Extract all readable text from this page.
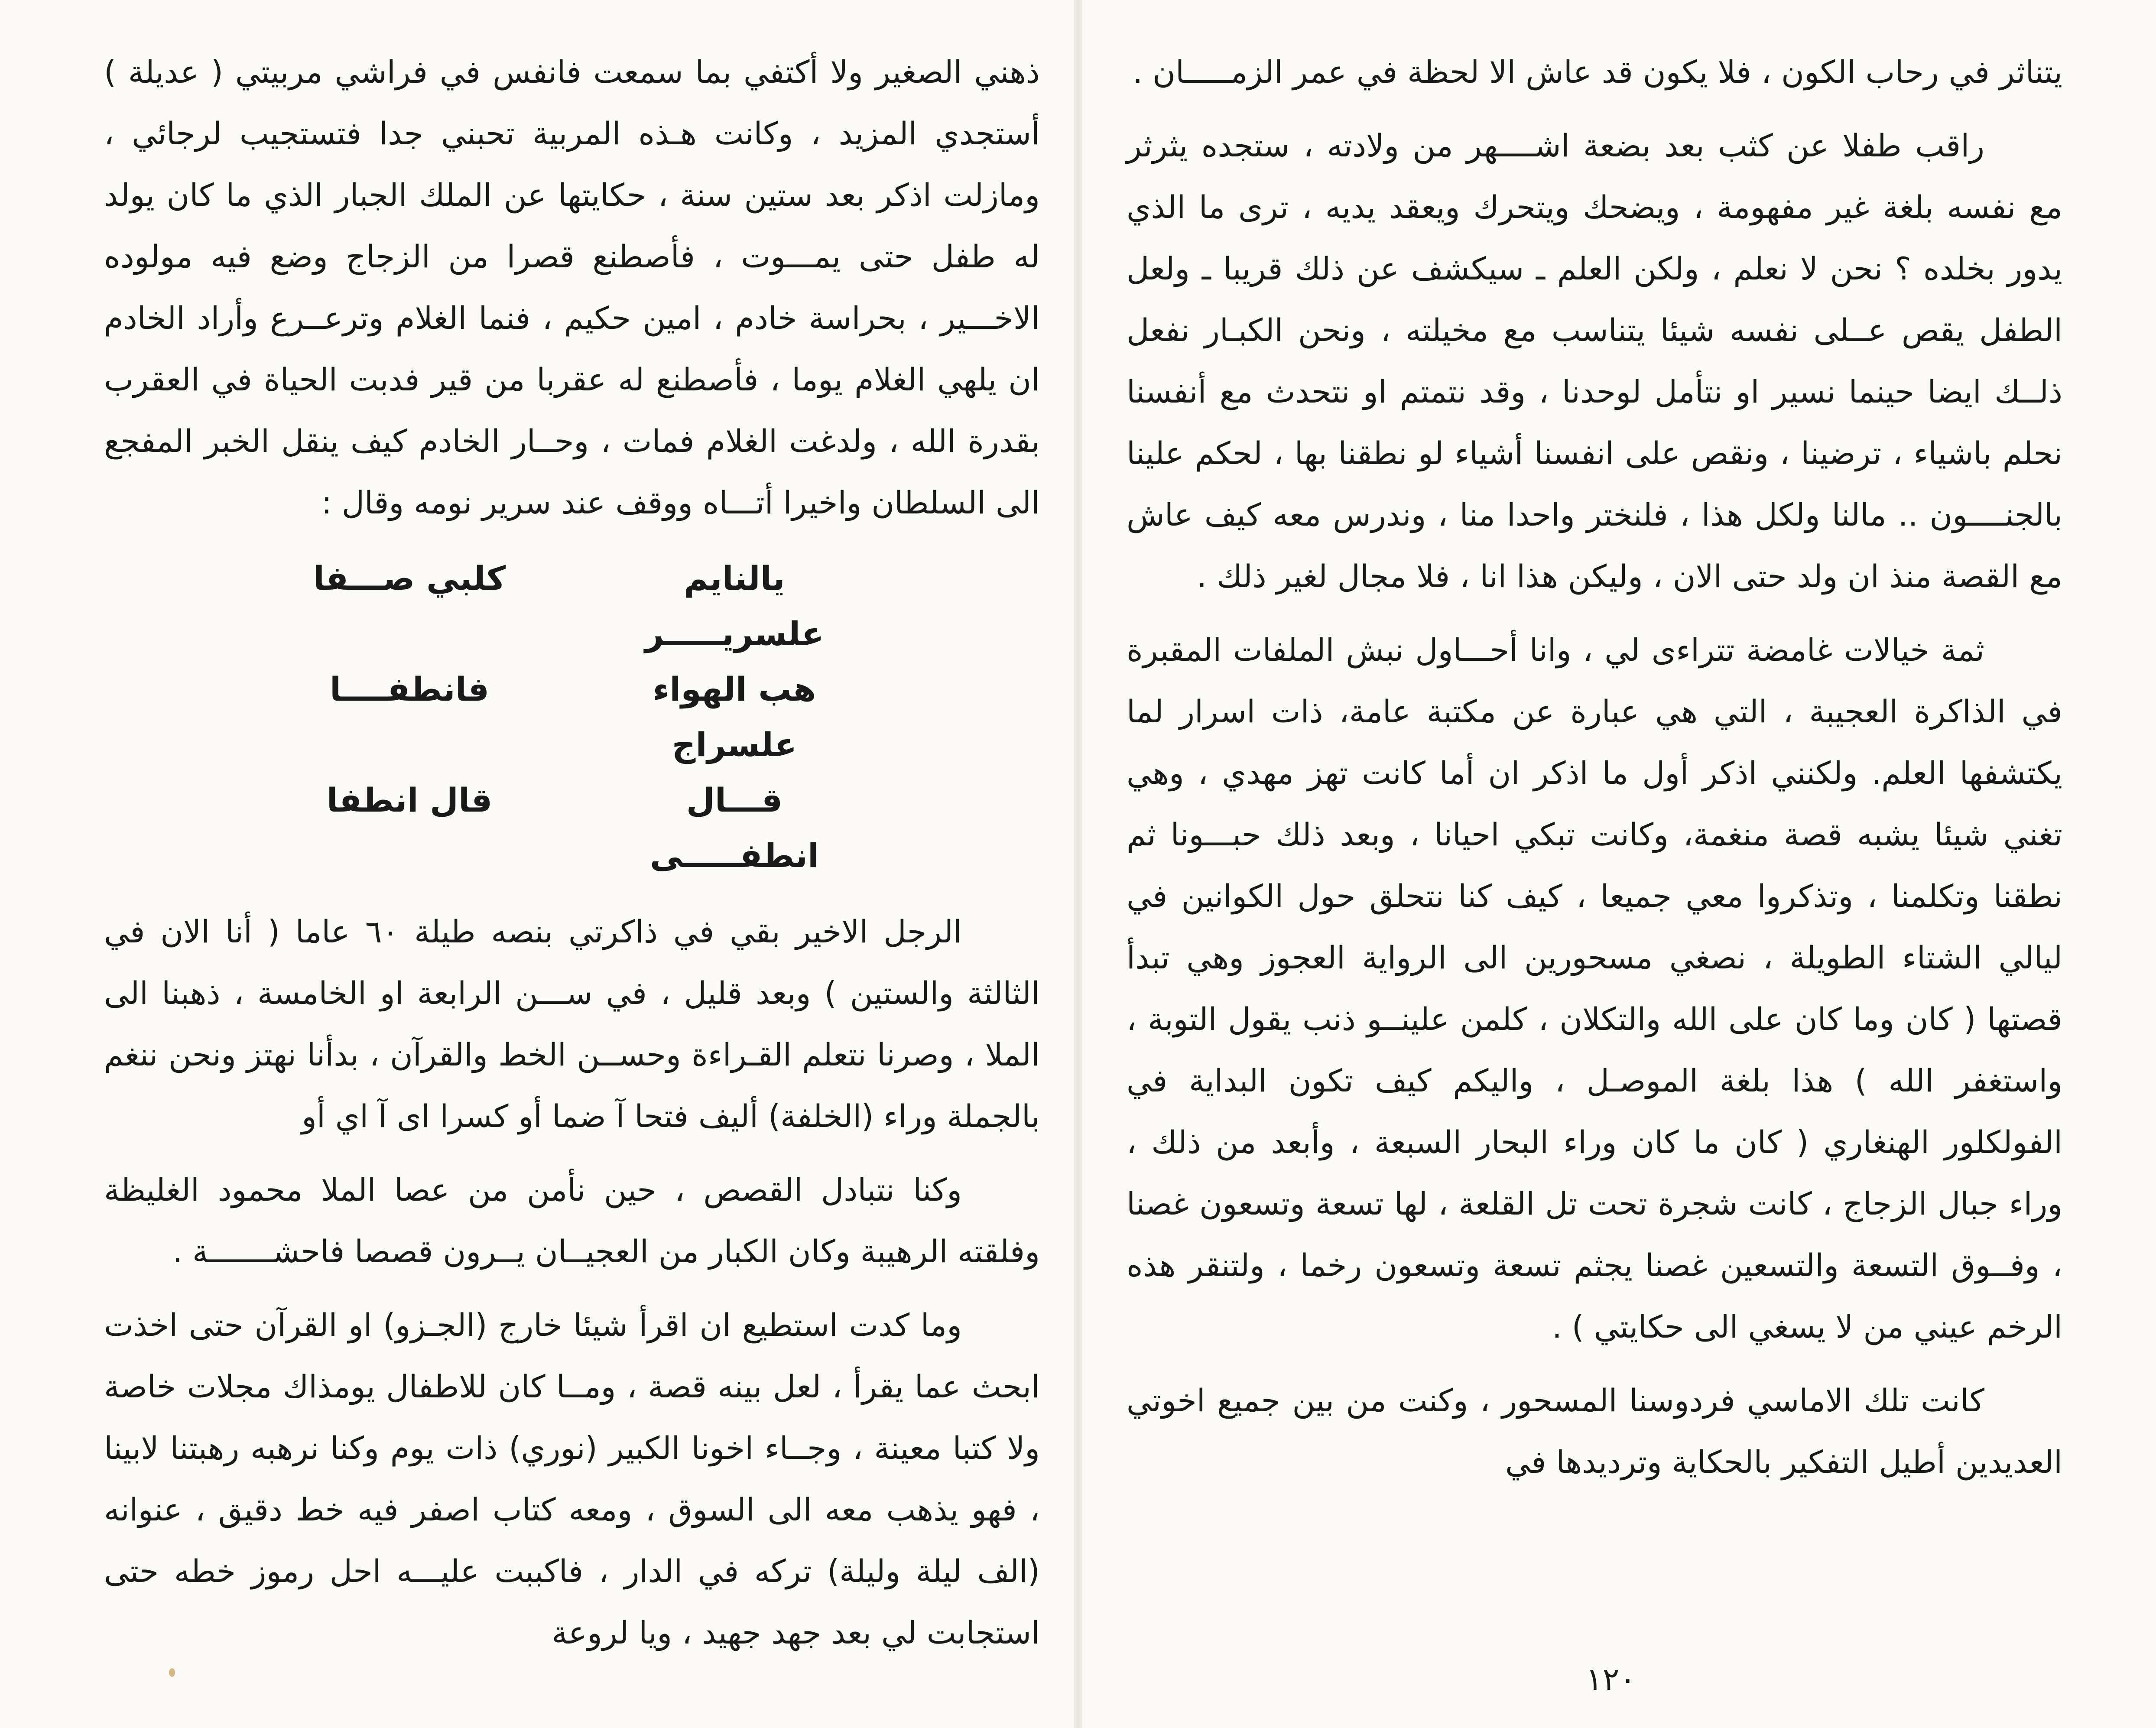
ذهني الصغير ولا أكتفي بما سمعت فانفس في فراشي مربيتي ( عديلة ) أستجدي المزيد ، وكانت هـذه المربية تحبني جدا فتستجيب لرجائي ، ومازلت اذكر بعد ستين سنة ، حكايتها عن الملك الجبار الذي ما كان يولد له طفل حتى يمـــوت ، فأصطنع قصرا من الزجاج وضع فيه مولوده الاخـــير ، بحراسة خادم ، امين حكيم ، فنما الغلام وترعــرع وأراد الخادم ان يلهي الغلام يوما ، فأصطنع له عقربا من قير فدبت الحياة في العقرب بقدرة الله ، ولدغت الغلام فمات ، وحــار الخادم كيف ينقل الخبر المفجع الى السلطان واخيرا أتـــاه ووقف عند سرير نومه وقال :

يالنايم علسريـــــر
كلبي صـــفا
هب الهواء علسراج
فانطفــــا
قـــال انطفـــــى
قال انطفا

الرجل الاخير بقي في ذاكرتي بنصه طيلة ٦٠ عاما ( أنا الان في الثالثة والستين ) وبعد قليل ، في ســـن الرابعة او الخامسة ، ذهبنا الى الملا ، وصرنا نتعلم القـراءة وحســن الخط والقرآن ، بدأنا نهتز ونحن ننغم بالجملة وراء (الخلفة) أليف فتحا آ ضما أو كسرا اى آ اي أو

وكنا نتبادل القصص ، حين نأمن من عصا الملا محمود الغليظة وفلقته الرهيبة وكان الكبار من العجيــان يــرون قصصا فاحشـــــــة .

وما كدت استطيع ان اقرأ شيئا خارج (الجـزو) او القرآن حتى اخذت ابحث عما يقرأ ، لعل بينه قصة ، ومــا كان للاطفال يومذاك مجلات خاصة ولا كتبا معينة ، وجــاء اخونا الكبير (نوري) ذات يوم وكنا نرهبه رهبتنا لابينا ، فهو يذهب معه الى السوق ، ومعه كتاب اصفر فيه خط دقيق ، عنوانه (الف ليلة وليلة) تركه في الدار ، فاكببت عليـــه احل رموز خطه حتى استجابت لي بعد جهد جهيد ، ويا لروعة

يتناثر في رحاب الكون ، فلا يكون قد عاش الا لحظة في عمر الزمـــــان .

راقب طفلا عن كثب بعد بضعة اشــــهر من ولادته ، ستجده يثرثر مع نفسه بلغة غير مفهومة ، ويضحك ويتحرك ويعقد يديه ، ترى ما الذي يدور بخلده ؟ نحن لا نعلم ، ولكن العلم ـ سيكشف عن ذلك قريبا ـ ولعل الطفل يقص عــلى نفسه شيئا يتناسب مع مخيلته ، ونحن الكبـار نفعل ذلــك ايضا حينما نسير او نتأمل لوحدنا ، وقد نتمتم او نتحدث مع أنفسنا نحلم باشياء ، ترضينا ، ونقص على انفسنا أشياء لو نطقنا بها ، لحكم علينا بالجنــــون .. مالنا ولكل هذا ، فلنختر واحدا منا ، وندرس معه كيف عاش مع القصة منذ ان ولد حتى الان ، وليكن هذا انا ، فلا مجال لغير ذلك .

ثمة خيالات غامضة تتراءى لي ، وانا أحـــاول نبش الملفات المقبرة في الذاكرة العجيبة ، التي هي عبارة عن مكتبة عامة، ذات اسرار لما يكتشفها العلم. ولكنني اذكر أول ما اذكر ان أما كانت تهز مهدي ، وهي تغني شيئا يشبه قصة منغمة، وكانت تبكي احيانا ، وبعد ذلك حبـــونا ثم نطقنا وتكلمنا ، وتذكروا معي جميعا ، كيف كنا نتحلق حول الكوانين في ليالي الشتاء الطويلة ، نصغي مسحورين الى الرواية العجوز وهي تبدأ قصتها ( كان وما كان على الله والتكلان ، كلمن علينــو ذنب يقول التوبة ، واستغفر الله ) هذا بلغة الموصـل ، واليكم كيف تكون البداية في الفولكلور الهنغاري ( كان ما كان وراء البحار السبعة ، وأبعد من ذلك ، وراء جبال الزجاج ، كانت شجرة تحت تل القلعة ، لها تسعة وتسعون غصنا ، وفــوق التسعة والتسعين غصنا يجثم تسعة وتسعون رخما ، ولتنقر هذه الرخم عيني من لا يسغي الى حكايتي ) .

كانت تلك الاماسي فردوسنا المسحور ، وكنت من بين جميع اخوتي العديدين أطيل التفكير بالحكاية وترديدها في

١٢٠
